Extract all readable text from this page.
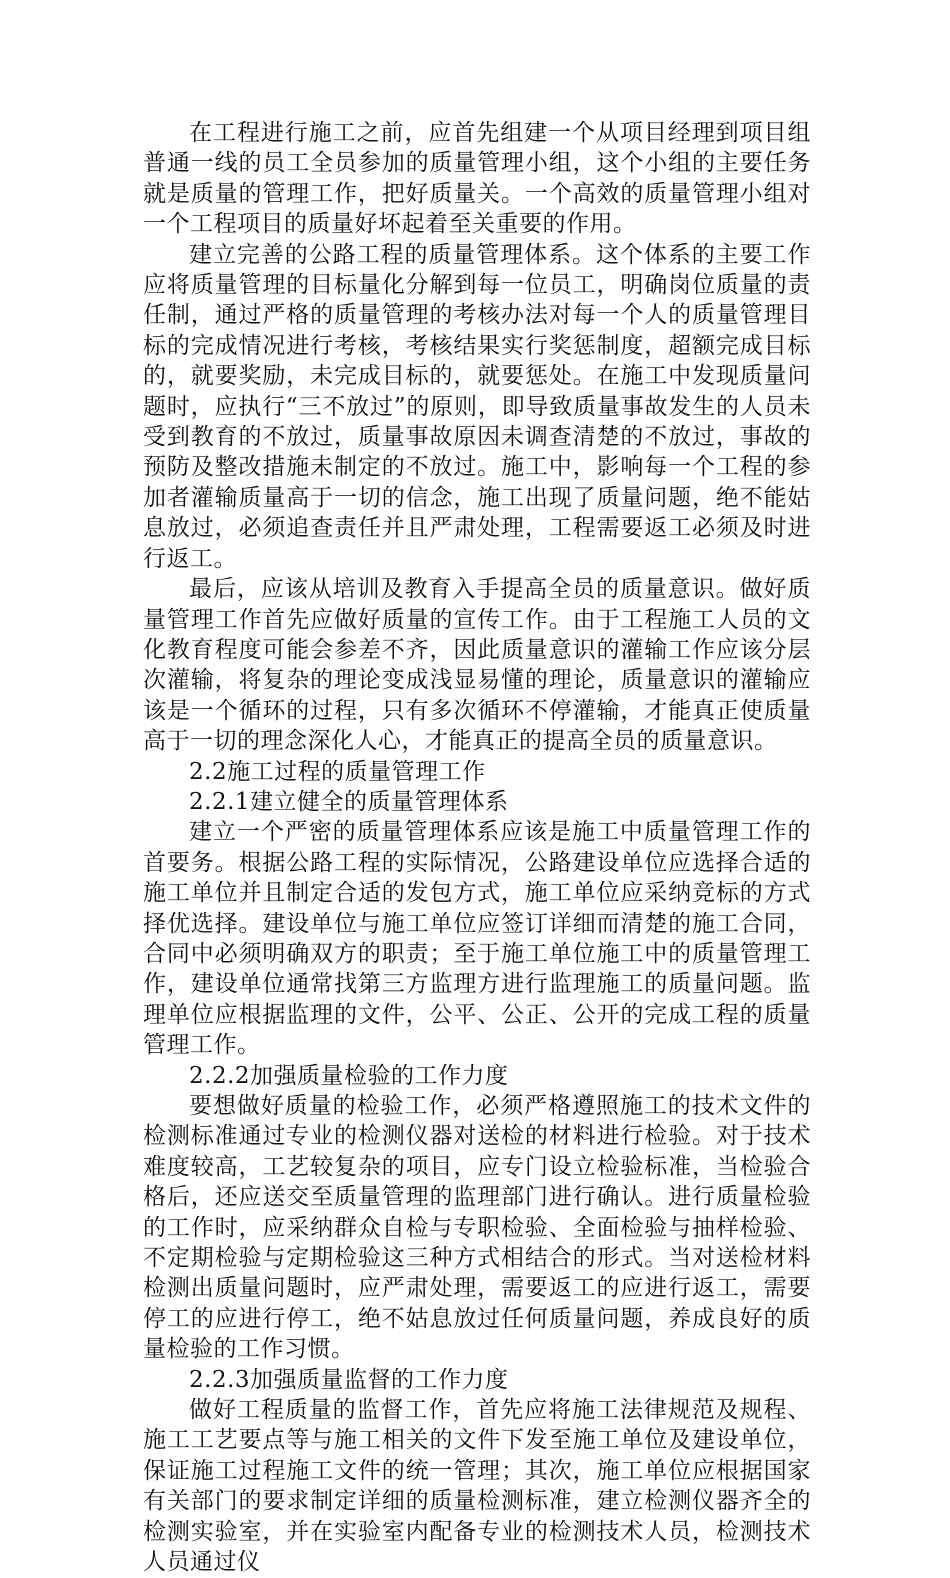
在工程进行施工之前，应首先组建一个从项目经理到项目组普通一线的员工全员参加的质量管理小组，这个小组的主要任务就是质量的管理工作，把好质量关。一个高效的质量管理小组对一个工程项目的质量好坏起着至关重要的作用。

建立完善的公路工程的质量管理体系。这个体系的主要工作应将质量管理的目标量化分解到每一位员工，明确岗位质量的责任制，通过严格的质量管理的考核办法对每一个人的质量管理目标的完成情况进行考核，考核结果实行奖惩制度，超额完成目标的，就要奖励，未完成目标的，就要惩处。在施工中发现质量问题时，应执行“三不放过”的原则，即导致质量事故发生的人员未受到教育的不放过，质量事故原因未调查清楚的不放过，事故的预防及整改措施未制定的不放过。施工中，影响每一个工程的参加者灌输质量高于一切的信念，施工出现了质量问题，绝不能姑息放过，必须追查责任并且严肃处理，工程需要返工必须及时进行返工。

最后，应该从培训及教育入手提高全员的质量意识。做好质量管理工作首先应做好质量的宣传工作。由于工程施工人员的文化教育程度可能会参差不齐，因此质量意识的灌输工作应该分层次灌输，将复杂的理论变成浅显易懂的理论，质量意识的灌输应该是一个循环的过程，只有多次循环不停灌输，才能真正使质量高于一切的理念深化人心，才能真正的提高全员的质量意识。

2.2施工过程的质量管理工作

2.2.1建立健全的质量管理体系

建立一个严密的质量管理体系应该是施工中质量管理工作的首要务。根据公路工程的实际情况，公路建设单位应选择合适的施工单位并且制定合适的发包方式，施工单位应采纳竞标的方式择优选择。建设单位与施工单位应签订详细而清楚的施工合同，合同中必须明确双方的职责；至于施工单位施工中的质量管理工作，建设单位通常找第三方监理方进行监理施工的质量问题。监理单位应根据监理的文件，公平、公正、公开的完成工程的质量管理工作。

2.2.2加强质量检验的工作力度

要想做好质量的检验工作，必须严格遵照施工的技术文件的检测标准通过专业的检测仪器对送检的材料进行检验。对于技术难度较高，工艺较复杂的项目，应专门设立检验标准，当检验合格后，还应送交至质量管理的监理部门进行确认。进行质量检验的工作时，应采纳群众自检与专职检验、全面检验与抽样检验、不定期检验与定期检验这三种方式相结合的形式。当对送检材料检测出质量问题时，应严肃处理，需要返工的应进行返工，需要停工的应进行停工，绝不姑息放过任何质量问题，养成良好的质量检验的工作习惯。

2.2.3加强质量监督的工作力度

做好工程质量的监督工作，首先应将施工法律规范及规程、施工工艺要点等与施工相关的文件下发至施工单位及建设单位，保证施工过程施工文件的统一管理；其次，施工单位应根据国家有关部门的要求制定详细的质量检测标准，建立检测仪器齐全的检测实验室，并在实验室内配备专业的检测技术人员，检测技术人员通过仪
